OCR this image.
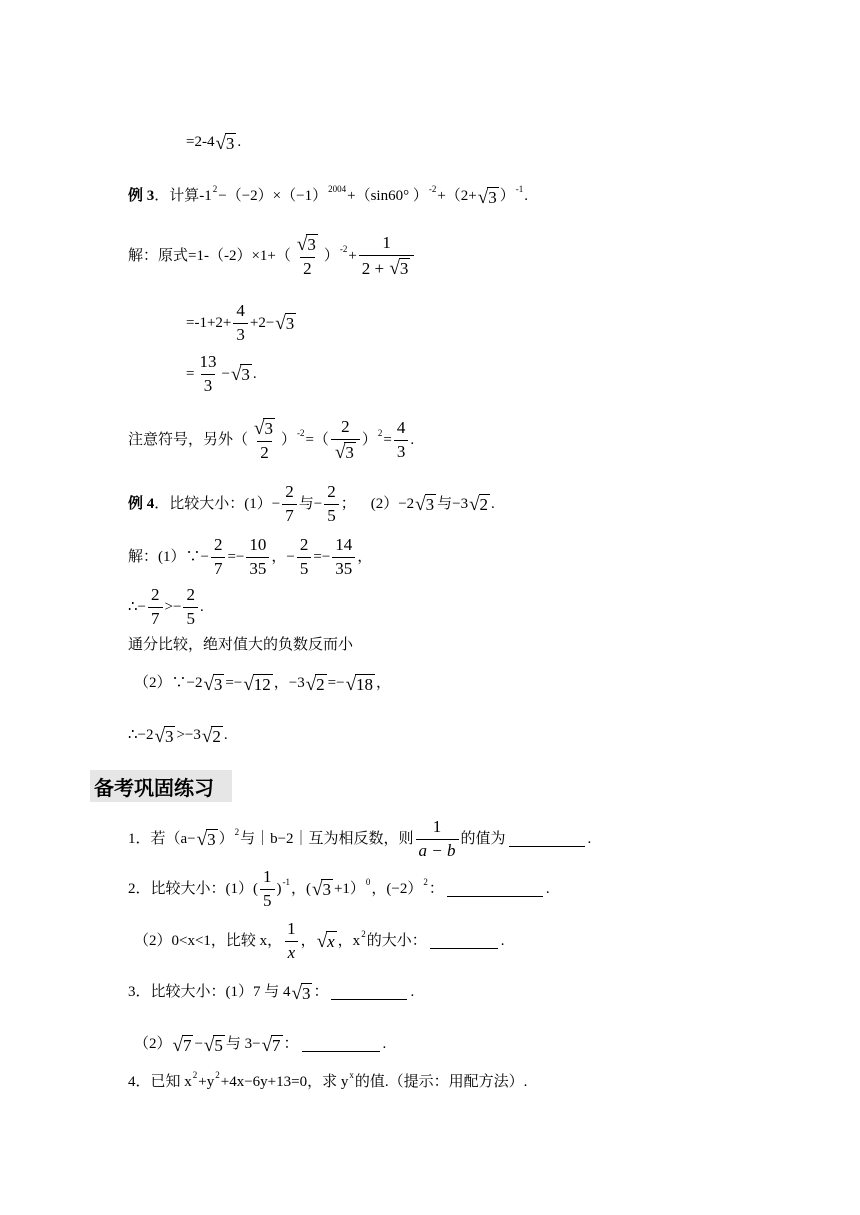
=2-4 √ 3 .
例 3 ．计算-1 2 −（−2）×（−1） 2004 +（sin60° ） -2 +（2+ √ 3 ） -1 .
解：原式=1-（-2）×1+（
√ 3
2
） $-2 + \frac{1}{2 + √ 3}$
$=-1+2+ \frac{4}{3} +2-$ √ 3
= $\frac{13}{3}$ − √ 3 .
注意符号，另外（
√ 3
2
） -2 =（
2
√ 3
） $2 = \frac{4}{3}$ .
例 4 ．比较大小：$(1)- \frac{2}{7}$ 与− $\frac{2}{5}$ ；    (2）−2 √ 3 与−3 √ 2 .
解：(1）∵− $\frac{2}{7} =- \frac{10}{35}$ ，− $\frac{2}{5} =- \frac{14}{35}$ ，
∴− $\frac{2}{7} >- \frac{2}{5}$ .
通分比较，绝对值大的负数反而小
（2）∵−2 √ 3 =− √ 12 ，−3 √ 2 =− √ 18 ，
∴−2 √ 3 >−3 √ 2 .
备考巩固练习
1．若（a− √ 3 ） 2 与｜b−2｜互为相反数，则
1
a − b
的值为	.
2．比较大小：(1）(
1
5
) -1 ，( √ 3 +1） 0 ，(−2） 2 ：	.
（2）0<x<1，比较 x，
1
x
， √ x ，x 2 的大小：	.
3．比较大小：(1）7 与 4 √ 3 ：	.
（2） √ 7 − √ 5 与 3− √ 7 ：	.
4．已知 x 2 +y 2 +4x−6y+13=0，求 y x 的值.（提示：用配方法）.
